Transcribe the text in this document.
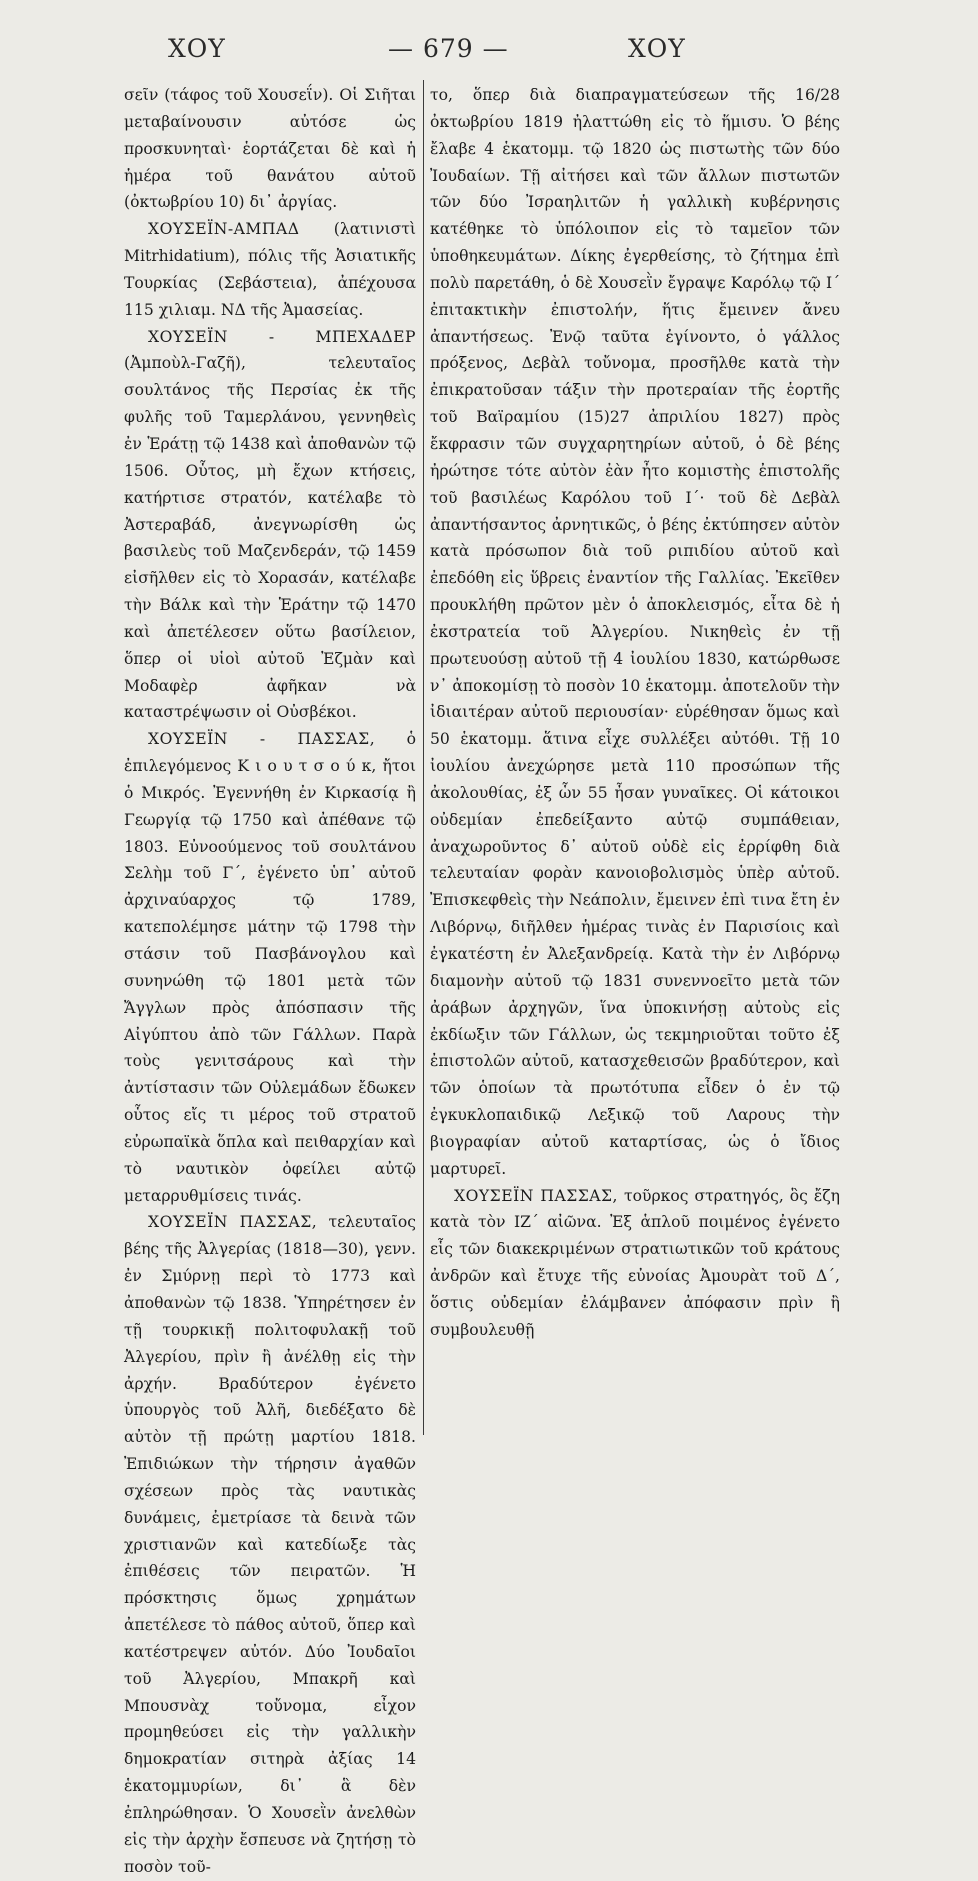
ΧΟΥ	— 679 —	ΧΟΥ

σεῖν (τάφος τοῦ Χουσεΐν). Οἱ Σιῆται μεταβαίνουσιν αὐτόσε ὡς προσκυνηταὶ· ἑορτάζεται δὲ καὶ ἡ ἡμέρα τοῦ θανάτου αὐτοῦ (ὀκτωβρίου 10) δι᾽ ἀργίας.

ΧΟΥΣΕΪΝ-ΑΜΠΑΔ (λατινιστὶ Mitrhidatium), πόλις τῆς Ἀσιατικῆς Τουρκίας (Σεβάστεια), ἀπέχουσα 115 χιλιαμ. ΝΔ τῆς Ἀμασείας.

ΧΟΥΣΕΪΝ - ΜΠΕΧΑΔΕΡ (Ἀμποὺλ-Γαζῆ), τελευταῖος σουλτάνος τῆς Περσίας ἐκ τῆς φυλῆς τοῦ Ταμερλάνου, γεννηθεὶς ἐν Ἑράτῃ τῷ 1438 καὶ ἀποθανὼν τῷ 1506. Οὗτος, μὴ ἔχων κτήσεις, κατήρτισε στρατόν, κατέλαβε τὸ Ἀστεραβάδ, ἀνεγνωρίσθη ὡς βασιλεὺς τοῦ Μαζενδεράν, τῷ 1459 εἰσῆλθεν εἰς τὸ Χορασάν, κατέλαβε τὴν Βάλκ καὶ τὴν Ἑράτην τῷ 1470 καὶ ἀπετέλεσεν οὕτω βασίλειον, ὅπερ οἱ υἱοὶ αὐτοῦ Ἐζμὰν καὶ Μοδαφὲρ ἀφῆκαν νὰ καταστρέψωσιν οἱ Οὐσβέκοι.

ΧΟΥΣΕΪΝ - ΠΑΣΣΑΣ, ὁ ἐπιλεγόμενος Κ ι ο υ τ σ ο ύ κ, ἤτοι ὁ Μικρός. Ἐγεννήθη ἐν Κιρκασίᾳ ἢ Γεωργίᾳ τῷ 1750 καὶ ἀπέθανε τῷ 1803. Εὐνοούμενος τοῦ σουλτάνου Σελὴμ τοῦ Γ΄, ἐγένετο ὑπ᾽ αὐτοῦ ἀρχιναύαρχος τῷ 1789, κατεπολέμησε μάτην τῷ 1798 τὴν στάσιν τοῦ Πασβάνογλου καὶ συνηνώθη τῷ 1801 μετὰ τῶν Ἄγγλων πρὸς ἀπόσπασιν τῆς Αἰγύπτου ἀπὸ τῶν Γάλλων. Παρὰ τοὺς γενιτσάρους καὶ τὴν ἀντίστασιν τῶν Οὐλεμάδων ἔδωκεν οὗτος εἴς τι μέρος τοῦ στρατοῦ εὐρωπαϊκὰ ὅπλα καὶ πειθαρχίαν καὶ τὸ ναυτικὸν ὀφείλει αὐτῷ μεταρρυθμίσεις τινάς.

ΧΟΥΣΕΪΝ ΠΑΣΣΑΣ, τελευταῖος βέης τῆς Ἀλγερίας (1818—30), γενν. ἐν Σμύρνῃ περὶ τὸ 1773 καὶ ἀποθανὼν τῷ 1838. Ὑπηρέτησεν ἐν τῇ τουρκικῇ πολιτοφυλακῇ τοῦ Ἀλγερίου, πρὶν ἢ ἀνέλθῃ εἰς τὴν ἀρχήν. Βραδύτερον ἐγένετο ὑπουργὸς τοῦ Ἀλῆ, διεδέξατο δὲ αὐτὸν τῇ πρώτῃ μαρτίου 1818. Ἐπιδιώκων τὴν τήρησιν ἀγαθῶν σχέσεων πρὸς τὰς ναυτικὰς δυνάμεις, ἐμετρίασε τὰ δεινὰ τῶν χριστιανῶν καὶ κατεδίωξε τὰς ἐπιθέσεις τῶν πειρατῶν. Ἡ πρόσκτησις ὅμως χρημάτων ἀπετέλεσε τὸ πάθος αὐτοῦ, ὅπερ καὶ κατέστρεψεν αὐτόν. Δύο Ἰουδαῖοι τοῦ Ἀλγερίου, Μπακρῆ καὶ Μπουσνὰχ τοὔνομα, εἶχον προμηθεύσει εἰς τὴν γαλλικὴν δημοκρατίαν σιτηρὰ ἀξίας 14 ἑκατομμυρίων, δι᾽ ἃ δὲν ἐπληρώθησαν. Ὁ Χουσεῒν ἀνελθὼν εἰς τὴν ἀρχὴν ἔσπευσε νὰ ζητήσῃ τὸ ποσὸν τοῦ-

το, ὅπερ διὰ διαπραγματεύσεων τῆς 16/28 ὀκτωβρίου 1819 ἠλαττώθη εἰς τὸ ἥμισυ. Ὁ βέης ἔλαβε 4 ἑκατομμ. τῷ 1820 ὡς πιστωτὴς τῶν δύο Ἰουδαίων. Τῇ αἰτήσει καὶ τῶν ἄλλων πιστωτῶν τῶν δύο Ἰσραηλιτῶν ἡ γαλλικὴ κυβέρνησις κατέθηκε τὸ ὑπόλοιπον εἰς τὸ ταμεῖον τῶν ὑποθηκευμάτων. Δίκης ἐγερθείσης, τὸ ζήτημα ἐπὶ πολὺ παρετάθη, ὁ δὲ Χουσεῒν ἔγραψε Καρόλῳ τῷ Ι΄ ἐπιτακτικὴν ἐπιστολήν, ἥτις ἔμεινεν ἄνευ ἀπαντήσεως. Ἐνῷ ταῦτα ἐγίνοντο, ὁ γάλλος πρόξενος, Δεβὰλ τοὔνομα, προσῆλθε κατὰ τὴν ἐπικρατοῦσαν τάξιν τὴν προτεραίαν τῆς ἑορτῆς τοῦ Βαϊραμίου (15)27 ἀπριλίου 1827) πρὸς ἔκφρασιν τῶν συγχαρητηρίων αὐτοῦ, ὁ δὲ βέης ἠρώτησε τότε αὐτὸν ἐὰν ἦτο κομιστὴς ἐπιστολῆς τοῦ βασιλέως Καρόλου τοῦ Ι΄· τοῦ δὲ Δεβὰλ ἀπαντήσαντος ἀρνητικῶς, ὁ βέης ἐκτύπησεν αὐτὸν κατὰ πρόσωπον διὰ τοῦ ριπιδίου αὐτοῦ καὶ ἐπεδόθη εἰς ὕβρεις ἐναντίον τῆς Γαλλίας. Ἐκεῖθεν προυκλήθη πρῶτον μὲν ὁ ἀποκλεισμός, εἶτα δὲ ἡ ἐκστρατεία τοῦ Ἀλγερίου. Νικηθεὶς ἐν τῇ πρωτευούσῃ αὐτοῦ τῇ 4 ἰουλίου 1830, κατώρθωσε ν᾽ ἀποκομίσῃ τὸ ποσὸν 10 ἑκατομμ. ἀποτελοῦν τὴν ἰδιαιτέραν αὐτοῦ περιουσίαν· εὑρέθησαν ὅμως καὶ 50 ἑκατομμ. ἅτινα εἶχε συλλέξει αὐτόθι. Τῇ 10 ἰουλίου ἀνεχώρησε μετὰ 110 προσώπων τῆς ἀκολουθίας, ἐξ ὧν 55 ἦσαν γυναῖκες. Οἱ κάτοικοι οὐδεμίαν ἐπεδείξαντο αὐτῷ συμπάθειαν, ἀναχωροῦντος δ᾽ αὐτοῦ οὐδὲ εἰς ἐρρίφθη διὰ τελευταίαν φορὰν κανοιοβολισμὸς ὑπὲρ αὐτοῦ. Ἐπισκεφθεὶς τὴν Νεάπολιν, ἔμεινεν ἐπὶ τινα ἔτη ἐν Λιβόρνῳ, διῆλθεν ἡμέρας τινὰς ἐν Παρισίοις καὶ ἐγκατέστη ἐν Ἀλεξανδρείᾳ. Κατὰ τὴν ἐν Λιβόρνῳ διαμονὴν αὐτοῦ τῷ 1831 συνεννοεῖτο μετὰ τῶν ἀράβων ἀρχηγῶν, ἵνα ὑποκινήσῃ αὐτοὺς εἰς ἐκδίωξιν τῶν Γάλλων, ὡς τεκμηριοῦται τοῦτο ἐξ ἐπιστολῶν αὐτοῦ, κατασχεθεισῶν βραδύτερον, καὶ τῶν ὁποίων τὰ πρωτότυπα εἶδεν ὁ ἐν τῷ ἐγκυκλοπαιδικῷ Λεξικῷ τοῦ Λαρους τὴν βιογραφίαν αὐτοῦ καταρτίσας, ὡς ὁ ἴδιος μαρτυρεῖ.

ΧΟΥΣΕΪΝ ΠΑΣΣΑΣ, τοῦρκος στρατηγός, ὃς ἔζη κατὰ τὸν ΙΖ΄ αἰῶνα. Ἐξ ἁπλοῦ ποιμένος ἐγένετο εἷς τῶν διακεκριμένων στρατιωτικῶν τοῦ κράτους ἀνδρῶν καὶ ἔτυχε τῆς εὐνοίας Ἀμουρὰτ τοῦ Δ΄, ὅστις οὐδεμίαν ἐλάμβανεν ἀπόφασιν πρὶν ἢ συμβουλευθῇ
